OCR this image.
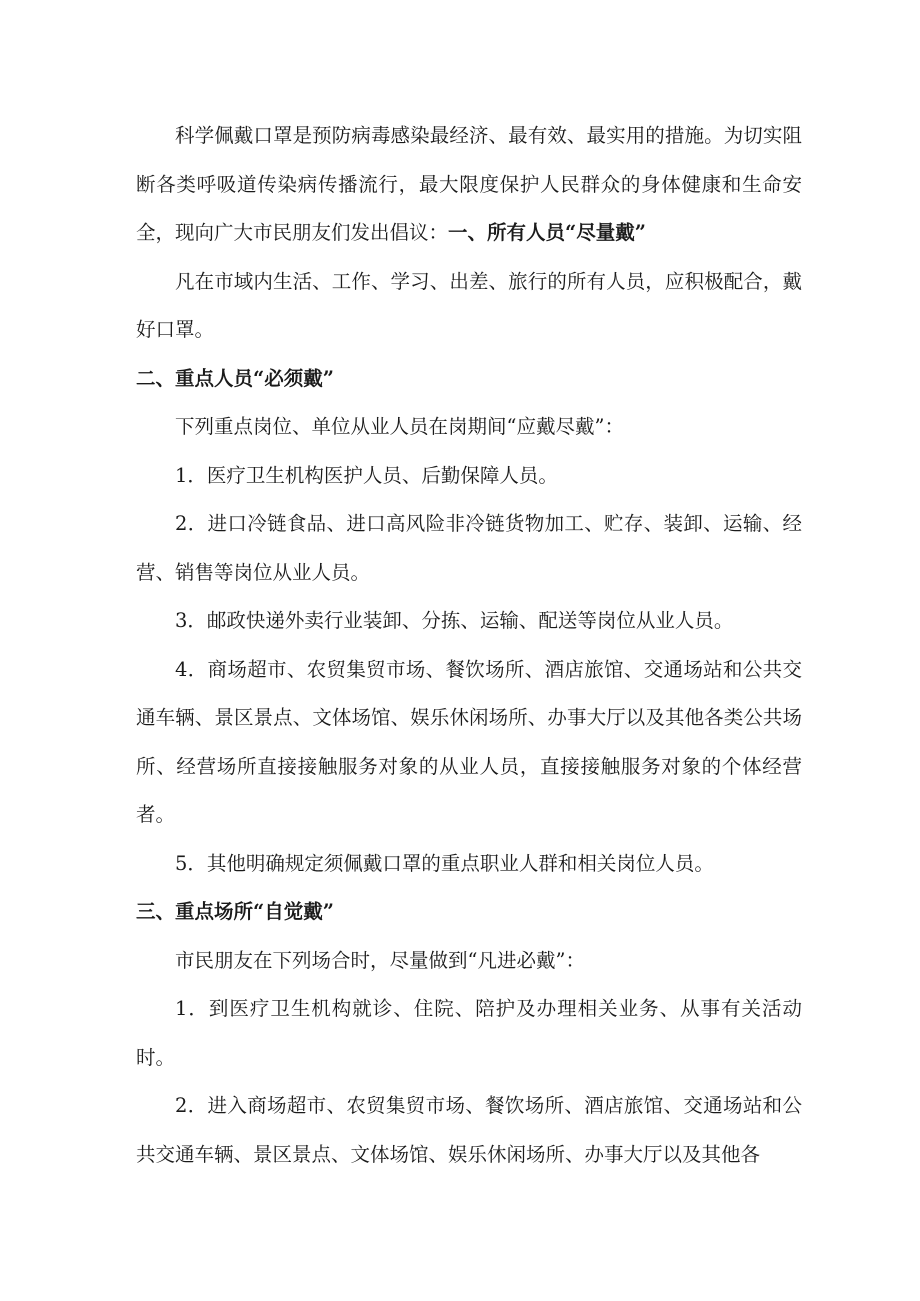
科学佩戴口罩是预防病毒感染最经济、最有效、最实用的措施。为切实阻断各类呼吸道传染病传播流行，最大限度保护人民群众的身体健康和生命安全，现向广大市民朋友们发出倡议：一、所有人员“尽量戴”

凡在市域内生活、工作、学习、出差、旅行的所有人员，应积极配合，戴好口罩。

二、重点人员“必须戴”

下列重点岗位、单位从业人员在岗期间“应戴尽戴”：

1．医疗卫生机构医护人员、后勤保障人员。

2．进口冷链食品、进口高风险非冷链货物加工、贮存、装卸、运输、经营、销售等岗位从业人员。

3．邮政快递外卖行业装卸、分拣、运输、配送等岗位从业人员。

4．商场超市、农贸集贸市场、餐饮场所、酒店旅馆、交通场站和公共交通车辆、景区景点、文体场馆、娱乐休闲场所、办事大厅以及其他各类公共场所、经营场所直接接触服务对象的从业人员，直接接触服务对象的个体经营者。

5．其他明确规定须佩戴口罩的重点职业人群和相关岗位人员。

三、重点场所“自觉戴”

市民朋友在下列场合时，尽量做到“凡进必戴”：

1．到医疗卫生机构就诊、住院、陪护及办理相关业务、从事有关活动时。

2．进入商场超市、农贸集贸市场、餐饮场所、酒店旅馆、交通场站和公共交通车辆、景区景点、文体场馆、娱乐休闲场所、办事大厅以及其他各
